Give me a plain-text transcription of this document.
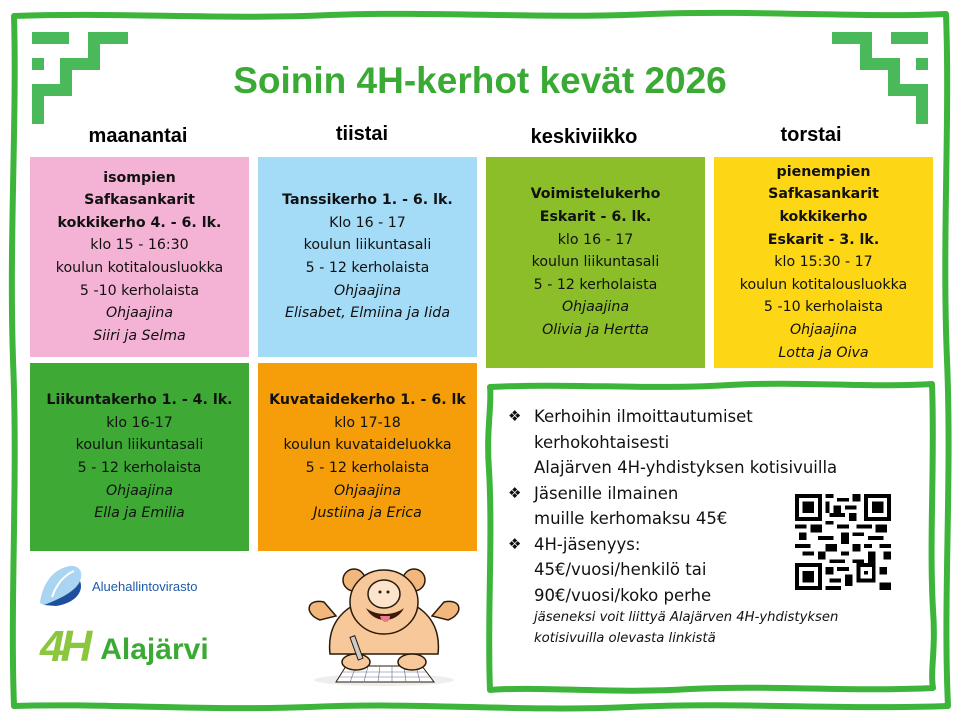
Soinin 4H-kerhot kevät 2026
maanantai	tiistai	keskiviikko	torstai
isompien
Safkasankarit
kokkikerho 4. - 6. lk.
klo 15 - 16:30
koulun kotitalousluokka
5 -10 kerholaista
Ohjaajina
Siiri ja Selma
Tanssikerho 1. - 6. lk.
Klo 16 - 17
koulun liikuntasali
5 - 12 kerholaista
Ohjaajina
Elisabet, Elmiina ja Iida
Voimistelukerho
Eskarit - 6. lk.
klo 16 - 17
koulun liikuntasali
5 - 12 kerholaista
Ohjaajina
Olivia ja Hertta
pienempien
Safkasankarit
kokkikerho
Eskarit - 3. lk.
klo 15:30 - 17
koulun kotitalousluokka
5 -10 kerholaista
Ohjaajina
Lotta ja Oiva
Liikuntakerho 1. - 4. lk.
klo 16-17
koulun liikuntasali
5 - 12 kerholaista
Ohjaajina
Ella ja Emilia
Kuvataidekerho 1. - 6. lk
klo 17-18
koulun kuvataideluokka
5 - 12 kerholaista
Ohjaajina
Justiina ja Erica
❖ Kerhoihin ilmoittautumiset
kerhokohtaisesti
Alajärven 4H-yhdistyksen kotisivuilla
❖ Jäsenille ilmainen
muille kerhomaksu 45€
❖ 4H-jäsenyys:
45€/vuosi/henkilö tai
90€/vuosi/koko perhe
jäseneksi voit liittyä Alajärven 4H-yhdistyksen
kotisivuilla olevasta linkistä
Aluehallintovirasto
4H Alajärvi
